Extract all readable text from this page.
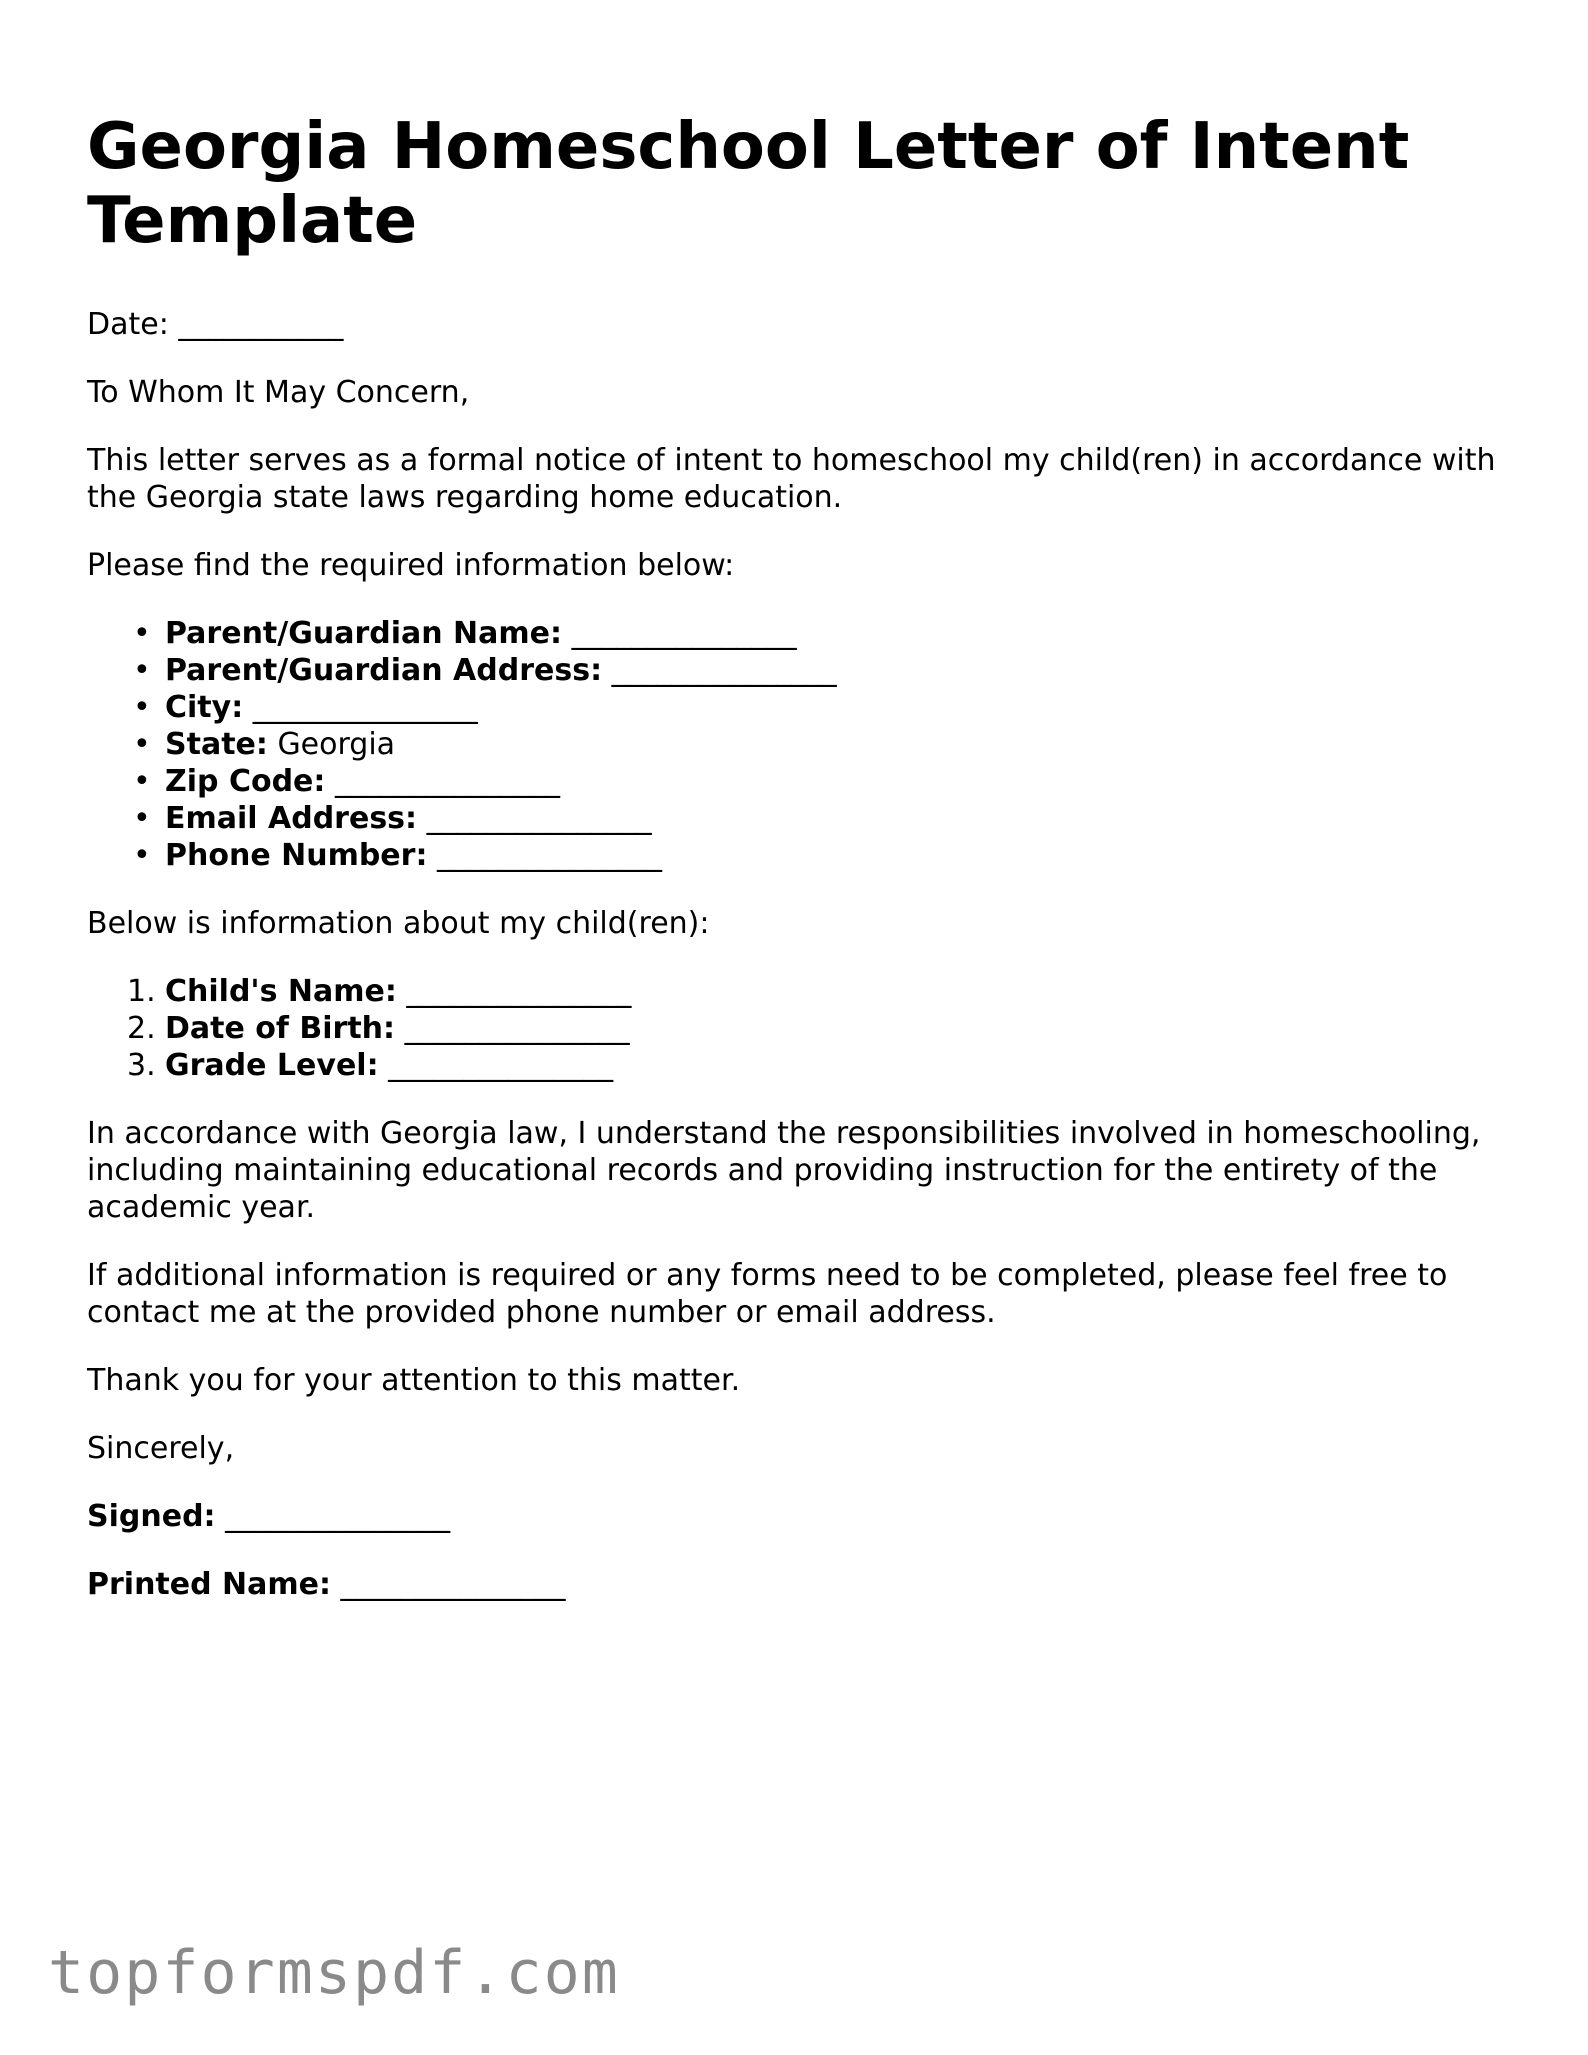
Georgia Homeschool Letter of Intent Template

Date: ___________

To Whom It May Concern,

This letter serves as a formal notice of intent to homeschool my child(ren) in accordance with the Georgia state laws regarding home education.

Please find the required information below:

• Parent/Guardian Name: _______________
• Parent/Guardian Address: _______________
• City: _______________
• State: Georgia
• Zip Code: _______________
• Email Address: _______________
• Phone Number: _______________

Below is information about my child(ren):

1. Child's Name: _______________
2. Date of Birth: _______________
3. Grade Level: _______________

In accordance with Georgia law, I understand the responsibilities involved in homeschooling, including maintaining educational records and providing instruction for the entirety of the academic year.

If additional information is required or any forms need to be completed, please feel free to contact me at the provided phone number or email address.

Thank you for your attention to this matter.

Sincerely,

Signed: _______________

Printed Name: _______________

topformspdf.com
